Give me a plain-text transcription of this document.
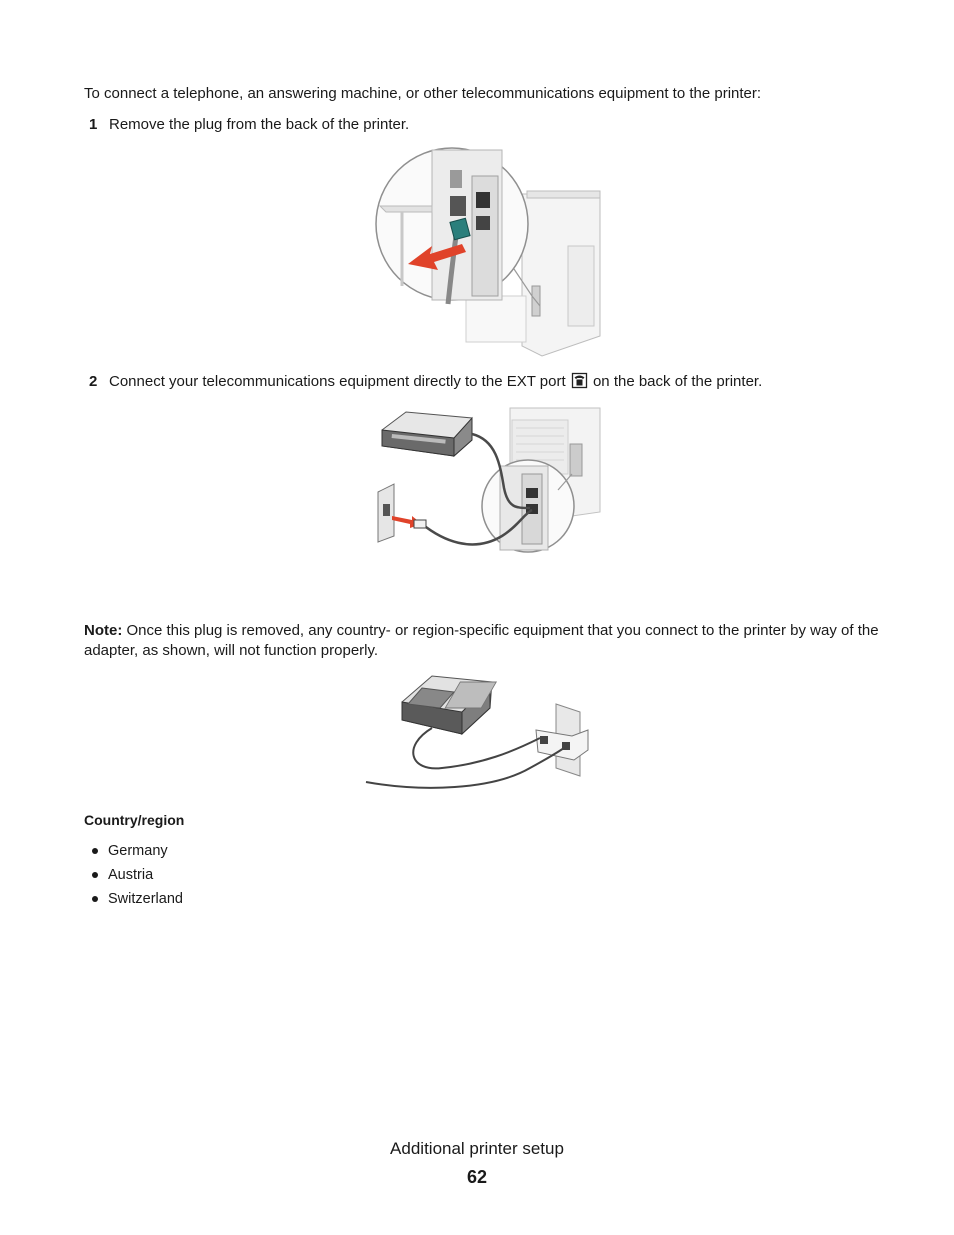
To connect a telephone, an answering machine, or other telecommunications equipment to the printer:
1 Remove the plug from the back of the printer.
2 Connect your telecommunications equipment directly to the EXT port on the back of the printer.
Note: Once this plug is removed, any country- or region-specific equipment that you connect to the printer by way of the adapter, as shown, will not function properly.
Country/region
Germany
Austria
Switzerland
Additional printer setup
62
